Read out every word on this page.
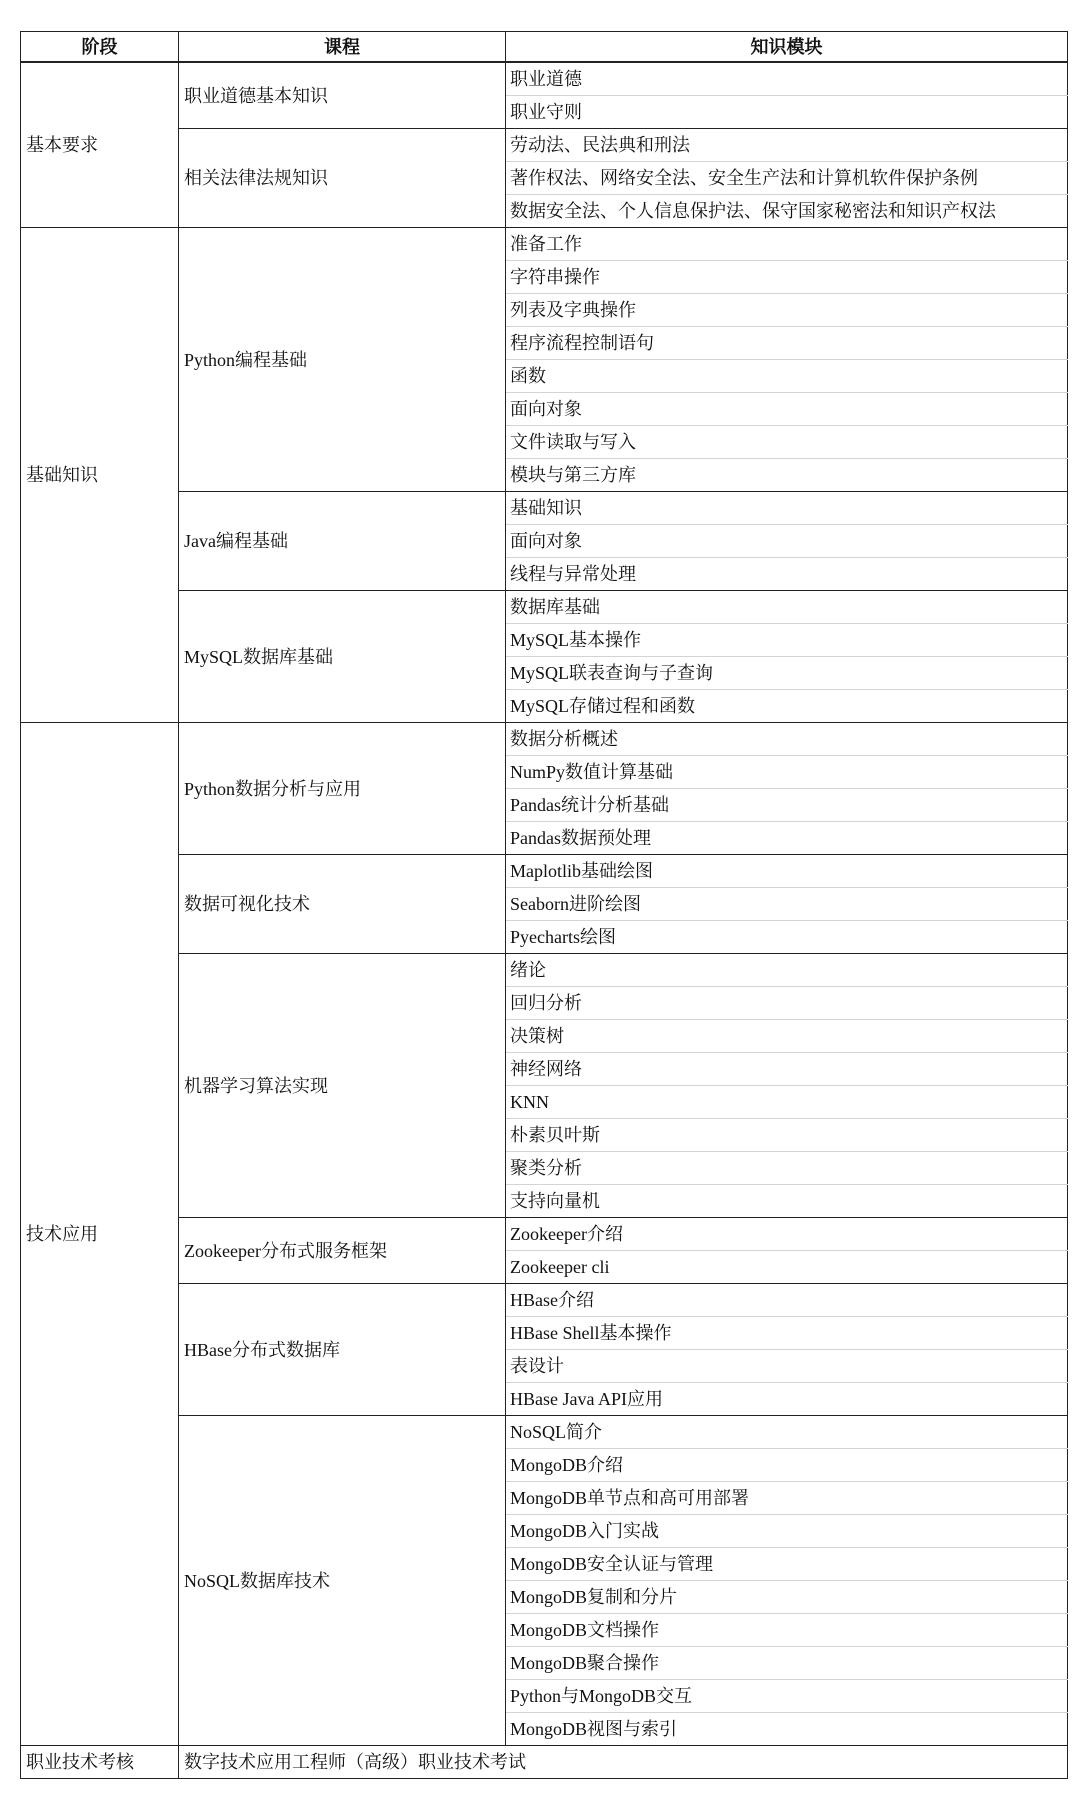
阶段	课程	知识模块
基本要求	职业道德基本知识	职业道德
		职业守则
	相关法律法规知识	劳动法、民法典和刑法
		著作权法、网络安全法、安全生产法和计算机软件保护条例
		数据安全法、个人信息保护法、保守国家秘密法和知识产权法
基础知识	Python编程基础	准备工作
		字符串操作
		列表及字典操作
		程序流程控制语句
		函数
		面向对象
		文件读取与写入
		模块与第三方库
	Java编程基础	基础知识
		面向对象
		线程与异常处理
	MySQL数据库基础	数据库基础
		MySQL基本操作
		MySQL联表查询与子查询
		MySQL存储过程和函数
技术应用	Python数据分析与应用	数据分析概述
		NumPy数值计算基础
		Pandas统计分析基础
		Pandas数据预处理
	数据可视化技术	Maplotlib基础绘图
		Seaborn进阶绘图
		Pyecharts绘图
	机器学习算法实现	绪论
		回归分析
		决策树
		神经网络
		KNN
		朴素贝叶斯
		聚类分析
		支持向量机
	Zookeeper分布式服务框架	Zookeeper介绍
		Zookeeper cli
	HBase分布式数据库	HBase介绍
		HBase Shell基本操作
		表设计
		HBase Java API应用
	NoSQL数据库技术	NoSQL简介
		MongoDB介绍
		MongoDB单节点和高可用部署
		MongoDB入门实战
		MongoDB安全认证与管理
		MongoDB复制和分片
		MongoDB文档操作
		MongoDB聚合操作
		Python与MongoDB交互
		MongoDB视图与索引
职业技术考核	数字技术应用工程师（高级）职业技术考试	
